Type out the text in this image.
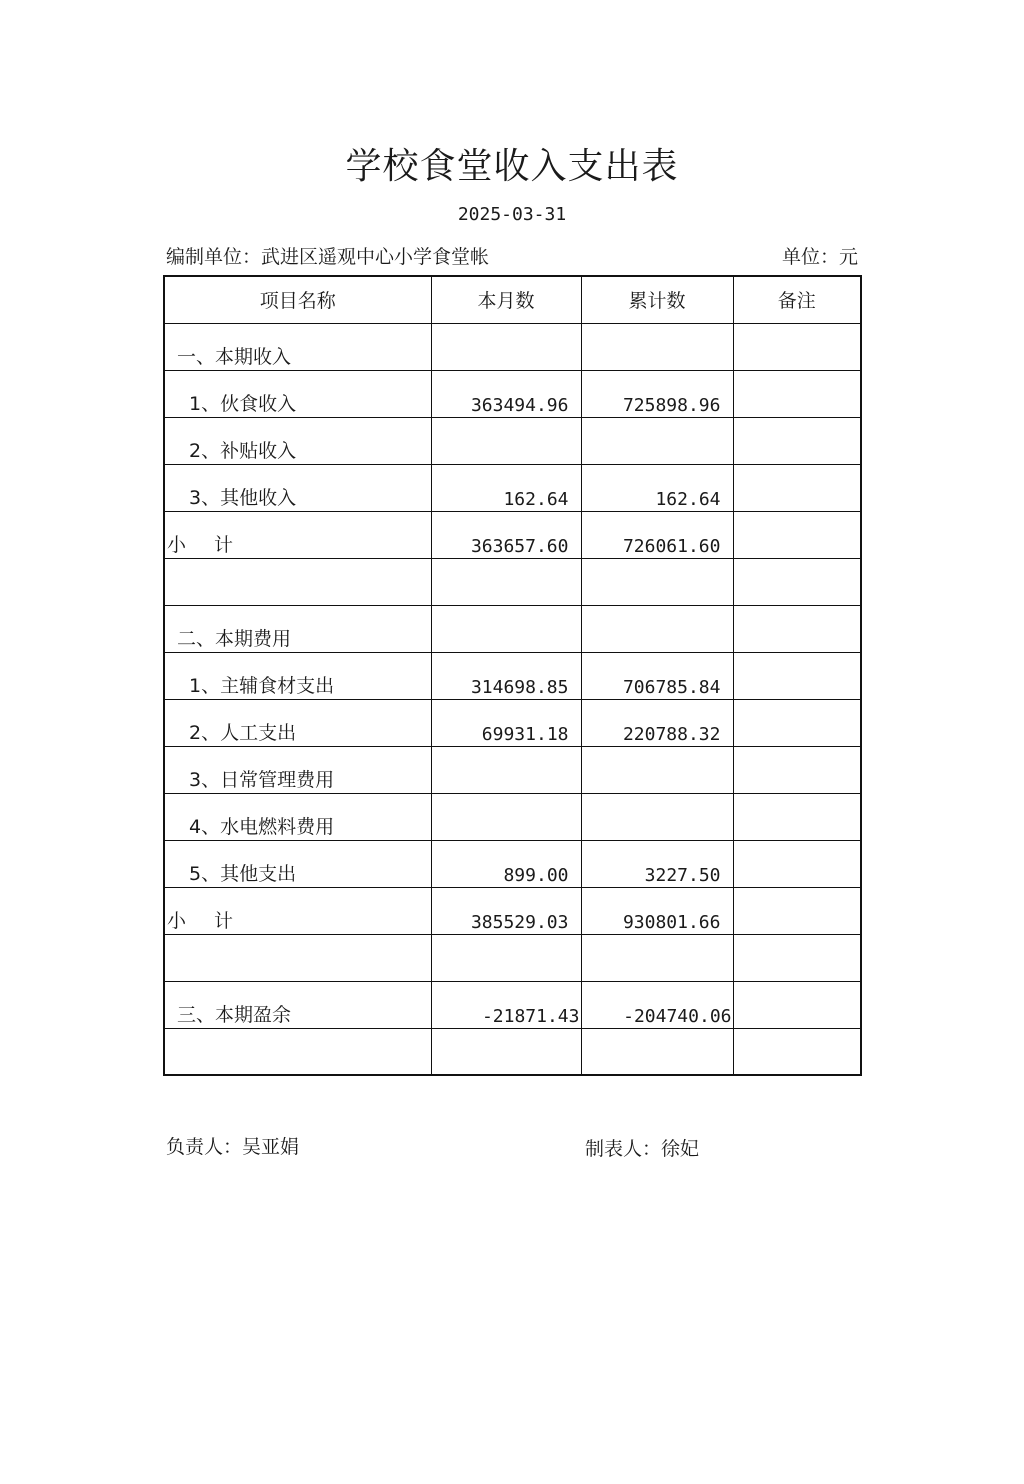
学校食堂收入支出表
2025-03-31
编制单位：武进区遥观中心小学食堂帐	单位：元
项目名称	本月数	累计数	备注
一、本期收入			
1、伙食收入	363494.96	725898.96	
2、补贴收入			
3、其他收入	162.64	162.64	
小 计	363657.60	726061.60	

二、本期费用			
1、主辅食材支出	314698.85	706785.84	
2、人工支出	69931.18	220788.32	
3、日常管理费用			
4、水电燃料费用			
5、其他支出	899.00	3227.50	
小 计	385529.03	930801.66	

三、本期盈余	-21871.43	-204740.06	

负责人：吴亚娟	制表人：徐妃
